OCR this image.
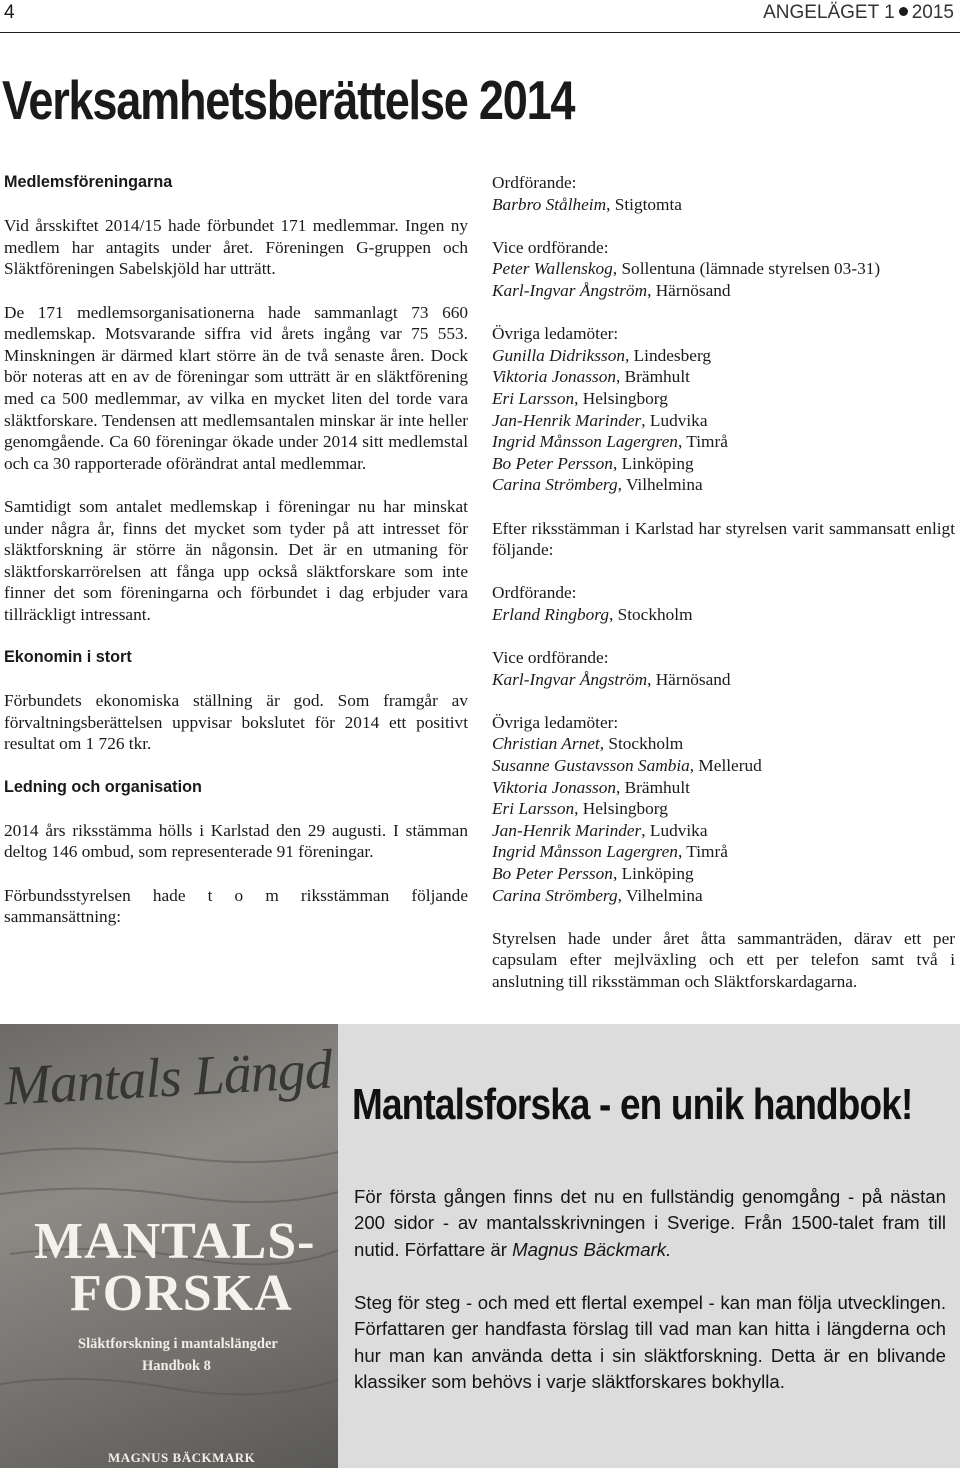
4	ANGELÄGET 1 2015
Verksamhetsberättelse 2014
Medlemsföreningarna

Vid årsskiftet 2014/15 hade förbundet 171 medlemmar. Ingen ny medlem har antagits under året. Föreningen G-gruppen och Släktföreningen Sabelskjöld har utträtt.

De 171 medlemsorganisationerna hade sammanlagt 73 660 medlemskap. Motsvarande siffra vid årets ingång var 75 553. Minskningen är därmed klart större än de två senaste åren. Dock bör noteras att en av de föreningar som utträtt är en släktförening med ca 500 medlemmar, av vilka en mycket liten del torde vara släktforskare. Tendensen att medlemsantalen minskar är inte heller genomgående. Ca 60 föreningar ökade under 2014 sitt medlemstal och ca 30 rapporterade oförändrat antal medlemmar.

Samtidigt som antalet medlemskap i föreningar nu har minskat under några år, finns det mycket som tyder på att intresset för släktforskning är större än någonsin. Det är en utmaning för släktforskarrörelsen att fånga upp också släktforskare som inte finner det som föreningarna och förbundet i dag erbjuder vara tillräckligt intressant.

Ekonomin i stort

Förbundets ekonomiska ställning är god. Som framgår av förvaltningsberättelsen uppvisar bokslutet för 2014 ett positivt resultat om 1 726 tkr.

Ledning och organisation

2014 års riksstämma hölls i Karlstad den 29 augusti. I stämman deltog 146 ombud, som representerade 91 föreningar.

Förbundsstyrelsen hade t o m riksstämman följande sammansättning:

Ordförande:

Barbro Stålheim, Stigtomta

Vice ordförande:

Peter Wallenskog, Sollentuna (lämnade styrelsen 03-31)

Karl-Ingvar Ångström, Härnösand

Övriga ledamöter:

Gunilla Didriksson, Lindesberg

Viktoria Jonasson, Brämhult

Eri Larsson, Helsingborg

Jan-Henrik Marinder, Ludvika

Ingrid Månsson Lagergren, Timrå

Bo Peter Persson, Linköping

Carina Strömberg, Vilhelmina

Efter riksstämman i Karlstad har styrelsen varit sammansatt enligt följande:

Ordförande:

Erland Ringborg, Stockholm

Vice ordförande:

Karl-Ingvar Ångström, Härnösand

Övriga ledamöter:

Christian Arnet, Stockholm

Susanne Gustavsson Sambia, Mellerud

Viktoria Jonasson, Brämhult

Eri Larsson, Helsingborg

Jan-Henrik Marinder, Ludvika

Ingrid Månsson Lagergren, Timrå

Bo Peter Persson, Linköping

Carina Strömberg, Vilhelmina

Styrelsen hade under året åtta sammanträden, därav ett per capsulam efter mejlväxling och ett per telefon samt två i anslutning till riksstämman och Släktforskardagarna.

Mantals Längd
MANTALS-
FORSKA
Släktforskning i mantalslängder
Handbok 8
MAGNUS BÄCKMARK
Mantalsforska - en unik handbok!

För första gången finns det nu en fullständig genomgång - på nästan 200 sidor - av mantalsskrivningen i Sverige. Från 1500-talet fram till nutid. Författare är Magnus Bäckmark.

Steg för steg - och med ett flertal exempel - kan man följa utvecklingen. Författaren ger handfasta förslag till vad man kan hitta i längderna och hur man kan använda detta i sin släktforskning. Detta är en blivande klassiker som behövs i varje släktforskares bokhylla.
